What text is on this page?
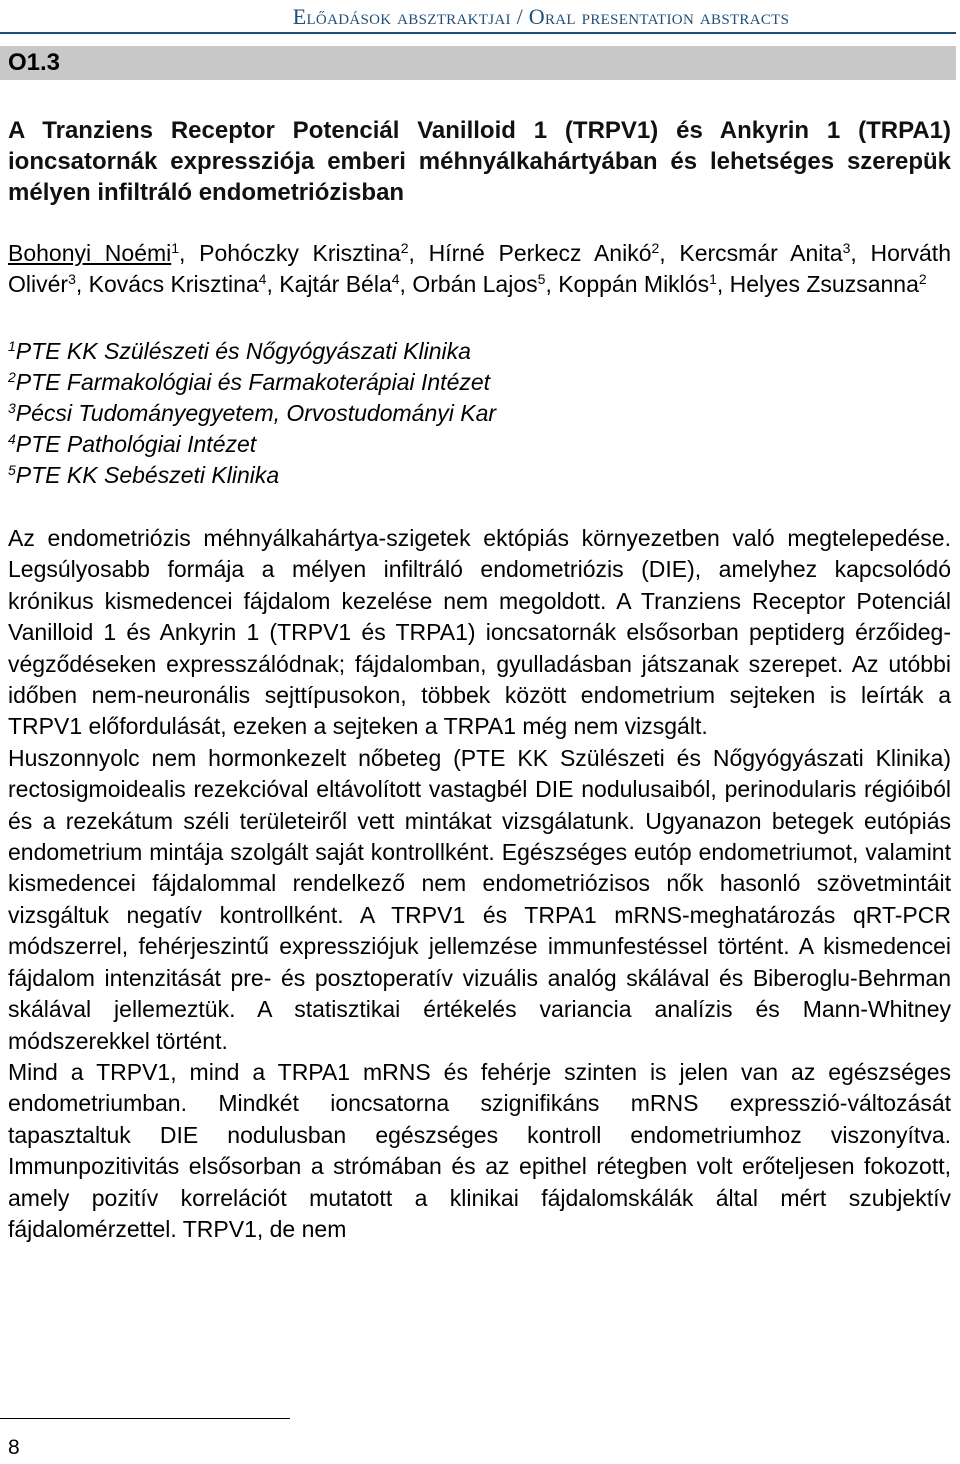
Előadások absztraktjai / Oral presentation abstracts
O1.3
A Tranziens Receptor Potenciál Vanilloid 1 (TRPV1) és Ankyrin 1 (TRPA1) ioncsatornák expressziója emberi méhnyálkahártyában és lehetséges szerepük mélyen infiltráló endometriózisban
Bohonyi Noémi$^1$, Pohóczky Krisztina$^2$, Hírné Perkecz Anikó$^2$, Kercsmár Anita$^3$, Horváth Olivér$^3$, Kovács Krisztina$^4$, Kajtár Béla$^4$, Orbán Lajos$^5$, Koppán Miklós$^1$, Helyes Zsuzsanna$^2$
$^1$PTE KK Szülészeti és Nőgyógyászati Klinika
$^2$PTE Farmakológiai és Farmakoterápiai Intézet
$^3$Pécsi Tudományegyetem, Orvostudományi Kar
$^4$PTE Pathológiai Intézet
$^5$PTE KK Sebészeti Klinika

Az endometriózis méhnyálkahártya-szigetek ektópiás környezetben való megtelepedése. Legsúlyosabb formája a mélyen infiltráló endometriózis (DIE), amelyhez kapcsolódó krónikus kismedencei fájdalom kezelése nem megoldott. A Tranziens Receptor Potenciál Vanilloid 1 és Ankyrin 1 (TRPV1 és TRPA1) ioncsatornák elsősorban peptiderg érzőideg-végződéseken expresszálódnak; fájdalomban, gyulladásban játszanak szerepet. Az utóbbi időben nem-neuronális sejttípusokon, többek között endometrium sejteken is leírták a TRPV1 előfordulását, ezeken a sejteken a TRPA1 még nem vizsgált.

Huszonnyolc nem hormonkezelt nőbeteg (PTE KK Szülészeti és Nőgyógyászati Klinika) rectosigmoidealis rezekcióval eltávolított vastagbél DIE nodulusaiból, perinodularis régióiból és a rezekátum széli területeiről vett mintákat vizsgálatunk. Ugyanazon betegek eutópiás endometrium mintája szolgált saját kontrollként. Egészséges eutóp endometriumot, valamint kismedencei fájdalommal rendelkező nem endometriózisos nők hasonló szövetmintáit vizsgáltuk negatív kontrollként. A TRPV1 és TRPA1 mRNS-meghatározás qRT-PCR módszerrel, fehérjeszintű expressziójuk jellemzése immunfestéssel történt. A kismedencei fájdalom intenzitását pre- és posztoperatív vizuális analóg skálával és Biberoglu-Behrman skálával jellemeztük. A statisztikai értékelés variancia analízis és Mann-Whitney módszerekkel történt.

Mind a TRPV1, mind a TRPA1 mRNS és fehérje szinten is jelen van az egészséges endometriumban. Mindkét ioncsatorna szignifikáns mRNS expresszió-változását tapasztaltuk DIE nodulusban egészséges kontroll endometriumhoz viszonyítva. Immunpozitivitás elsősorban a strómában és az epithel rétegben volt erőteljesen fokozott, amely pozitív korrelációt mutatott a klinikai fájdalomskálák által mért szubjektív fájdalomérzettel. TRPV1, de nem

8
